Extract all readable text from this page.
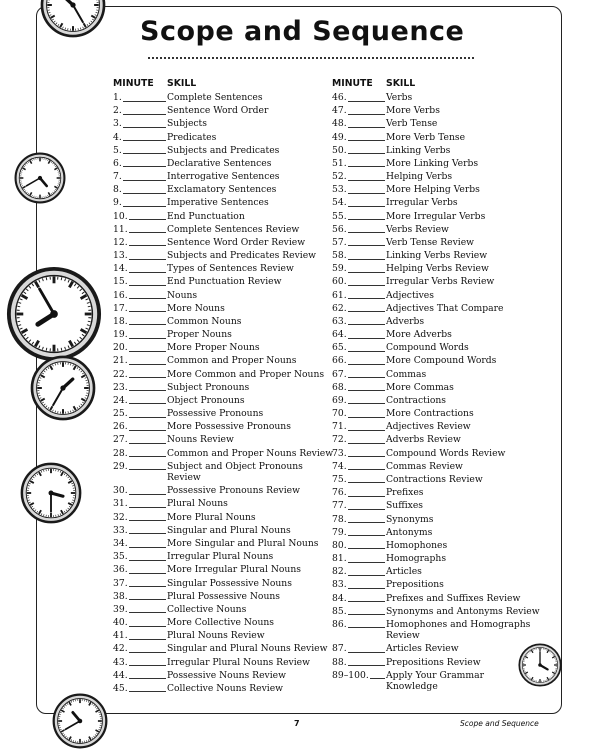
Scope and Sequence
MINUTE SKILL
1.	Complete Sentences
2.	Sentence Word Order
3.	Subjects
4.	Predicates
5.	Subjects and Predicates
6.	Declarative Sentences
7.	Interrogative Sentences
8.	Exclamatory Sentences
9.	Imperative Sentences
10.	End Punctuation
11.	Complete Sentences Review
12.	Sentence Word Order Review
13.	Subjects and Predicates Review
14.	Types of Sentences Review
15.	End Punctuation Review
16.	Nouns
17.	More Nouns
18.	Common Nouns
19.	Proper Nouns
20.	More Proper Nouns
21.	Common and Proper Nouns
22.	More Common and Proper Nouns
23.	Subject Pronouns
24.	Object Pronouns
25.	Possessive Pronouns
26.	More Possessive Pronouns
27.	Nouns Review
28.	Common and Proper Nouns Review
29.	Subject and Object Pronouns Review
30.	Possessive Pronouns Review
31.	Plural Nouns
32.	More Plural Nouns
33.	Singular and Plural Nouns
34.	More Singular and Plural Nouns
35.	Irregular Plural Nouns
36.	More Irregular Plural Nouns
37.	Singular Possessive Nouns
38.	Plural Possessive Nouns
39.	Collective Nouns
40.	More Collective Nouns
41.	Plural Nouns Review
42.	Singular and Plural Nouns Review
43.	Irregular Plural Nouns Review
44.	Possessive Nouns Review
45.	Collective Nouns Review
MINUTE SKILL
46.	Verbs
47.	More Verbs
48.	Verb Tense
49.	More Verb Tense
50.	Linking Verbs
51.	More Linking Verbs
52.	Helping Verbs
53.	More Helping Verbs
54.	Irregular Verbs
55.	More Irregular Verbs
56.	Verbs Review
57.	Verb Tense Review
58.	Linking Verbs Review
59.	Helping Verbs Review
60.	Irregular Verbs Review
61.	Adjectives
62.	Adjectives That Compare
63.	Adverbs
64.	More Adverbs
65.	Compound Words
66.	More Compound Words
67.	Commas
68.	More Commas
69.	Contractions
70.	More Contractions
71.	Adjectives Review
72.	Adverbs Review
73.	Compound Words Review
74.	Commas Review
75.	Contractions Review
76.	Prefixes
77.	Suffixes
78.	Synonyms
79.	Antonyms
80.	Homophones
81.	Homographs
82.	Articles
83.	Prepositions
84.	Prefixes and Suffixes Review
85.	Synonyms and Antonyms Review
86.	Homophones and Homographs Review
87.	Articles Review
88.	Prepositions Review
89–100. Apply Your Grammar Knowledge
7	Scope and Sequence
